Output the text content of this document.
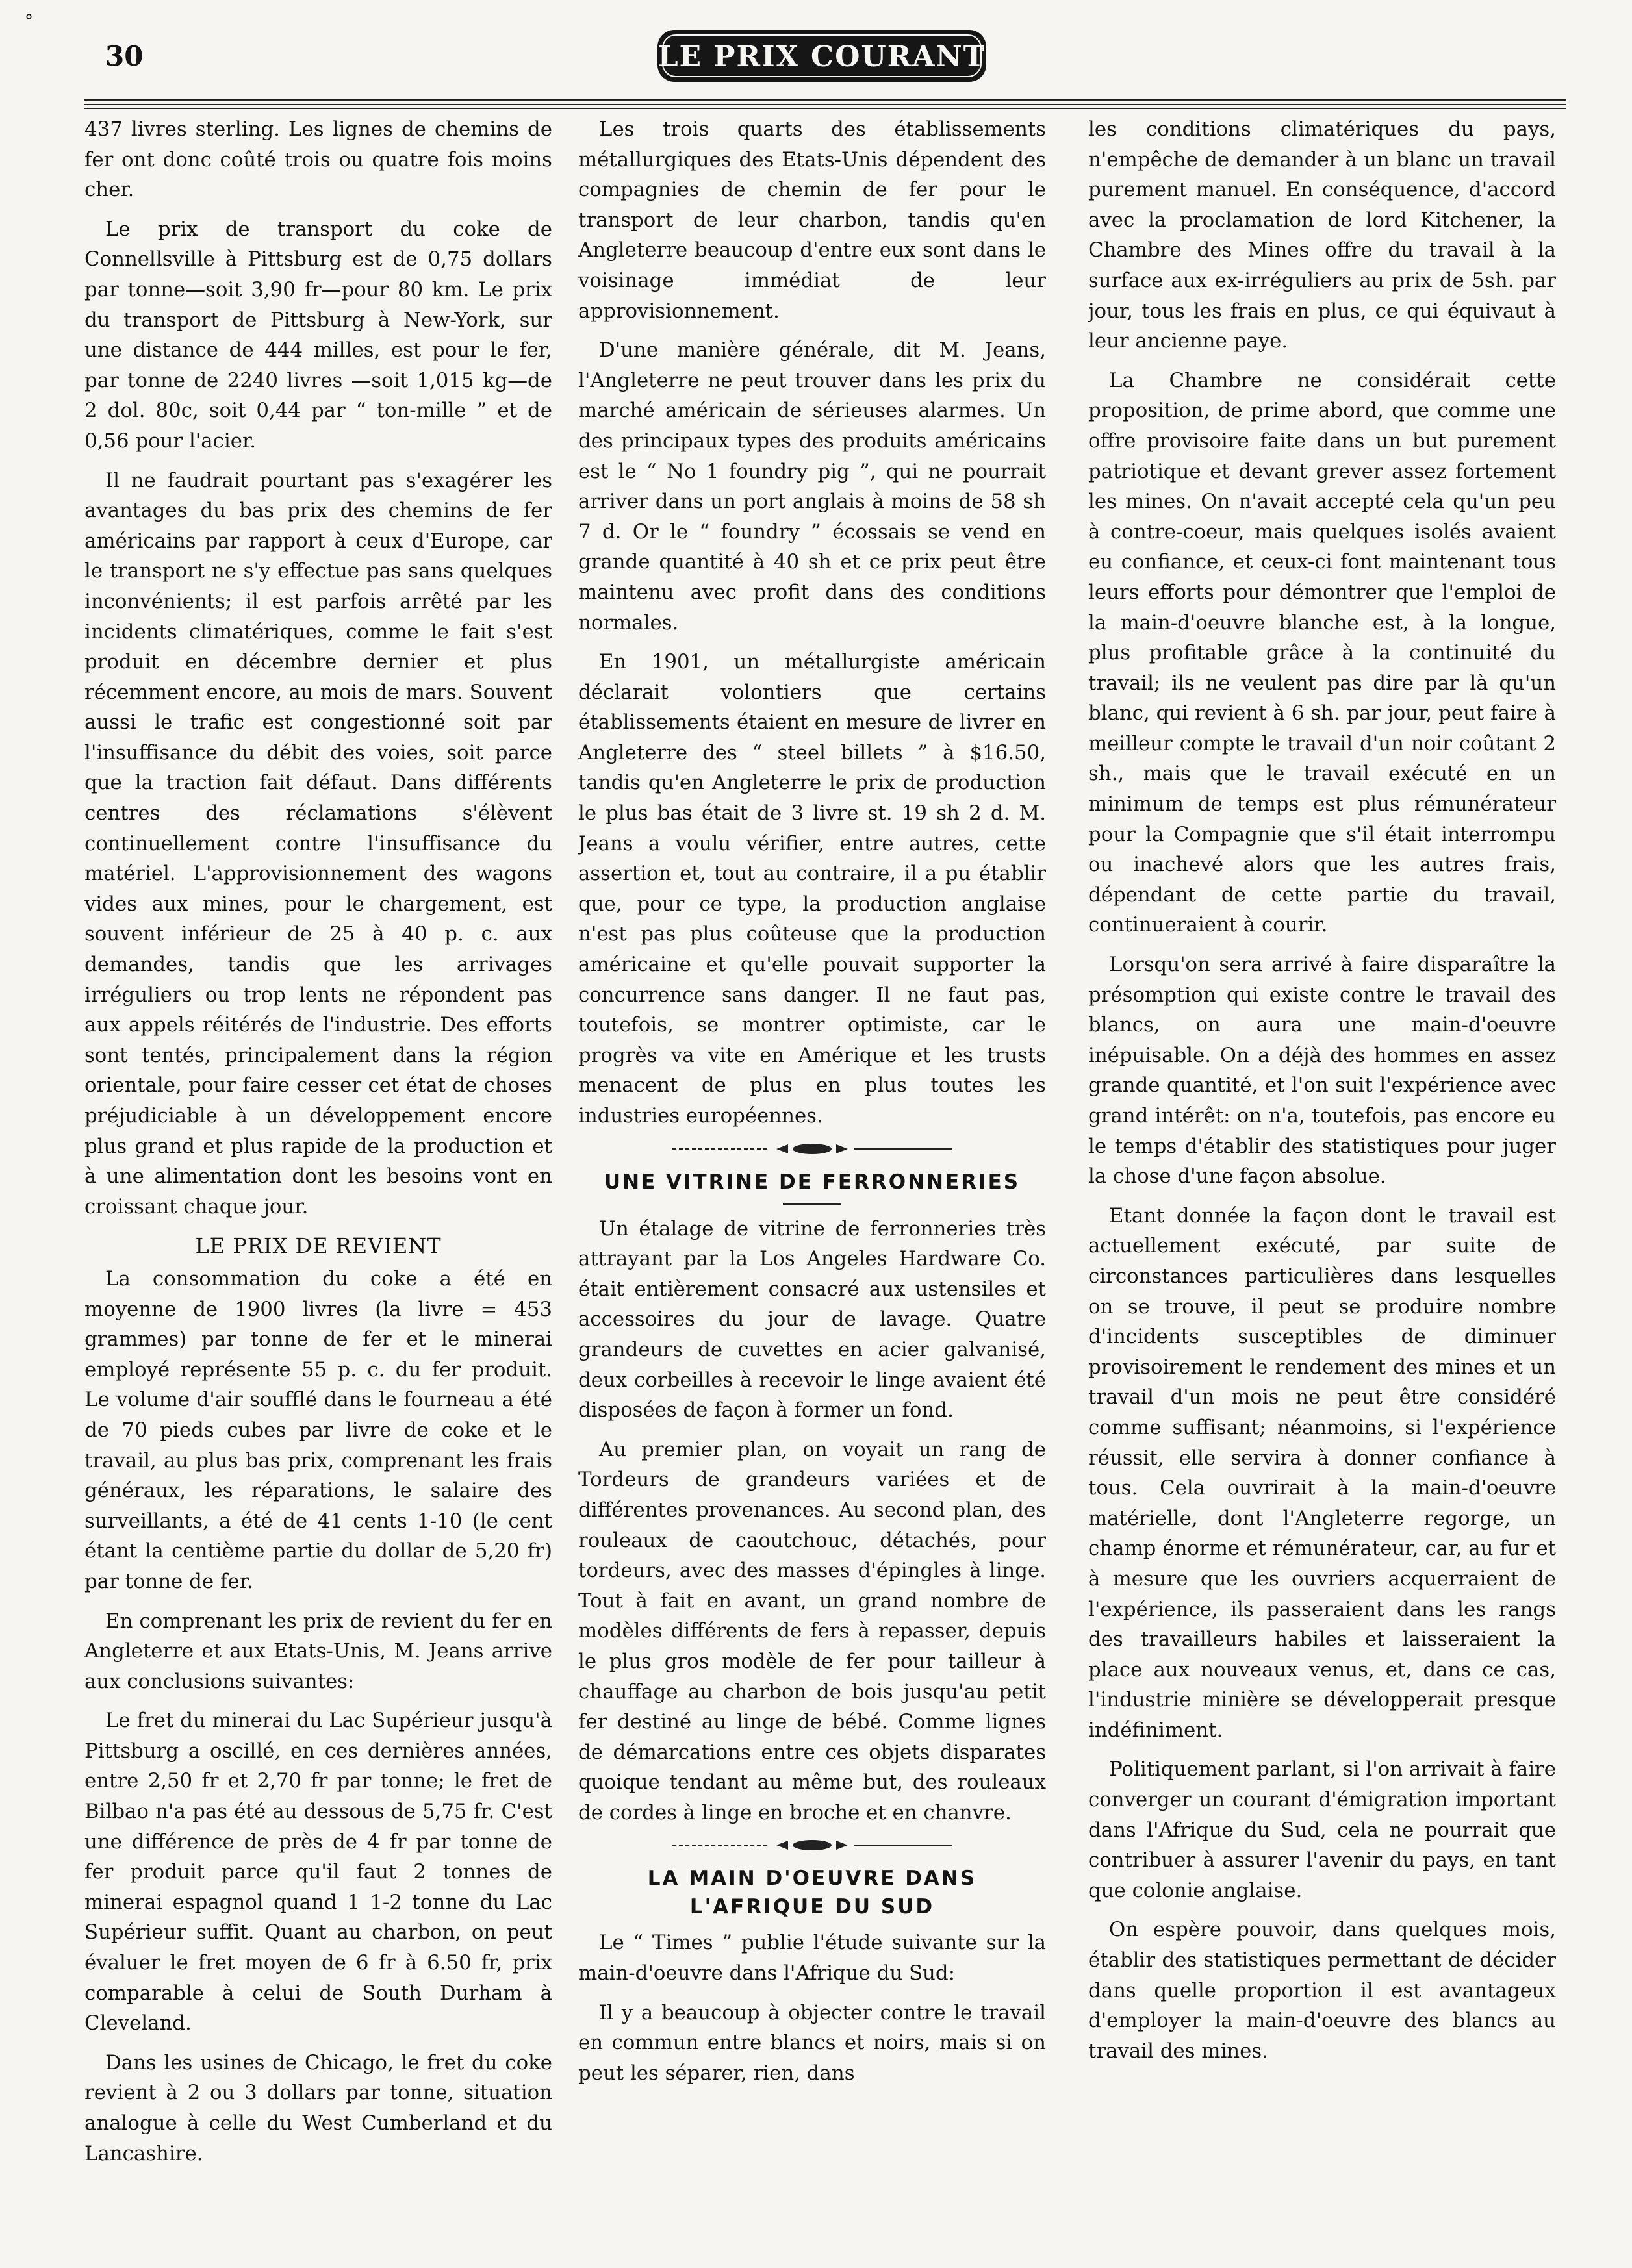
°
30	LE PRIX COURANT

437 livres sterling. Les lignes de chemins de fer ont donc coûté trois ou quatre fois moins cher.

Le prix de transport du coke de Connellsville à Pittsburg est de 0,75 dollars par tonne—soit 3,90 fr—pour 80 km. Le prix du transport de Pittsburg à New-York, sur une distance de 444 milles, est pour le fer, par tonne de 2240 livres —soit 1,015 kg—de 2 dol. 80c, soit 0,44 par “ ton-mille ” et de 0,56 pour l'acier.

Il ne faudrait pourtant pas s'exagérer les avantages du bas prix des chemins de fer américains par rapport à ceux d'Europe, car le transport ne s'y effectue pas sans quelques inconvénients; il est parfois arrêté par les incidents climatériques, comme le fait s'est produit en décembre dernier et plus récemment encore, au mois de mars. Souvent aussi le trafic est congestionné soit par l'insuffisance du débit des voies, soit parce que la traction fait défaut. Dans différents centres des réclamations s'élèvent continuellement contre l'insuffisance du matériel. L'approvisionnement des wagons vides aux mines, pour le chargement, est souvent inférieur de 25 à 40 p. c. aux demandes, tandis que les arrivages irréguliers ou trop lents ne répondent pas aux appels réitérés de l'industrie. Des efforts sont tentés, principalement dans la région orientale, pour faire cesser cet état de choses préjudiciable à un développement encore plus grand et plus rapide de la production et à une alimentation dont les besoins vont en croissant chaque jour.

LE PRIX DE REVIENT

La consommation du coke a été en moyenne de 1900 livres (la livre = 453 grammes) par tonne de fer et le minerai employé représente 55 p. c. du fer produit. Le volume d'air soufflé dans le fourneau a été de 70 pieds cubes par livre de coke et le travail, au plus bas prix, comprenant les frais généraux, les réparations, le salaire des surveillants, a été de 41 cents 1-10 (le cent étant la centième partie du dollar de 5,20 fr) par tonne de fer.

En comprenant les prix de revient du fer en Angleterre et aux Etats-Unis, M. Jeans arrive aux conclusions suivantes:

Le fret du minerai du Lac Supérieur jusqu'à Pittsburg a oscillé, en ces dernières années, entre 2,50 fr et 2,70 fr par tonne; le fret de Bilbao n'a pas été au dessous de 5,75 fr. C'est une différence de près de 4 fr par tonne de fer produit parce qu'il faut 2 tonnes de minerai espagnol quand 1 1-2 tonne du Lac Supérieur suffit. Quant au charbon, on peut évaluer le fret moyen de 6 fr à 6.50 fr, prix comparable à celui de South Durham à Cleveland.

Dans les usines de Chicago, le fret du coke revient à 2 ou 3 dollars par tonne, situation analogue à celle du West Cumberland et du Lancashire.

Les trois quarts des établissements métallurgiques des Etats-Unis dépendent des compagnies de chemin de fer pour le transport de leur charbon, tandis qu'en Angleterre beaucoup d'entre eux sont dans le voisinage immédiat de leur approvisionnement.

D'une manière générale, dit M. Jeans, l'Angleterre ne peut trouver dans les prix du marché américain de sérieuses alarmes. Un des principaux types des produits américains est le “ No 1 foundry pig ”, qui ne pourrait arriver dans un port anglais à moins de 58 sh 7 d. Or le “ foundry ” écossais se vend en grande quantité à 40 sh et ce prix peut être maintenu avec profit dans des conditions normales.

En 1901, un métallurgiste américain déclarait volontiers que certains établissements étaient en mesure de livrer en Angleterre des “ steel billets ” à $16.50, tandis qu'en Angleterre le prix de production le plus bas était de 3 livre st. 19 sh 2 d. M. Jeans a voulu vérifier, entre autres, cette assertion et, tout au contraire, il a pu établir que, pour ce type, la production anglaise n'est pas plus coûteuse que la production américaine et qu'elle pouvait supporter la concurrence sans danger. Il ne faut pas, toutefois, se montrer optimiste, car le progrès va vite en Amérique et les trusts menacent de plus en plus toutes les industries européennes.

UNE VITRINE DE FERRONNERIES

Un étalage de vitrine de ferronneries très attrayant par la Los Angeles Hardware Co. était entièrement consacré aux ustensiles et accessoires du jour de lavage. Quatre grandeurs de cuvettes en acier galvanisé, deux corbeilles à recevoir le linge avaient été disposées de façon à former un fond.

Au premier plan, on voyait un rang de Tordeurs de grandeurs variées et de différentes provenances. Au second plan, des rouleaux de caoutchouc, détachés, pour tordeurs, avec des masses d'épingles à linge. Tout à fait en avant, un grand nombre de modèles différents de fers à repasser, depuis le plus gros modèle de fer pour tailleur à chauffage au charbon de bois jusqu'au petit fer destiné au linge de bébé. Comme lignes de démarcations entre ces objets disparates quoique tendant au même but, des rouleaux de cordes à linge en broche et en chanvre.

LA MAIN D'OEUVRE DANS L'AFRIQUE DU SUD

Le “ Times ” publie l'étude suivante sur la main-d'oeuvre dans l'Afrique du Sud:

Il y a beaucoup à objecter contre le travail en commun entre blancs et noirs, mais si on peut les séparer, rien, dans

les conditions climatériques du pays, n'empêche de demander à un blanc un travail purement manuel. En conséquence, d'accord avec la proclamation de lord Kitchener, la Chambre des Mines offre du travail à la surface aux ex-irréguliers au prix de 5sh. par jour, tous les frais en plus, ce qui équivaut à leur ancienne paye.

La Chambre ne considérait cette proposition, de prime abord, que comme une offre provisoire faite dans un but purement patriotique et devant grever assez fortement les mines. On n'avait accepté cela qu'un peu à contre-coeur, mais quelques isolés avaient eu confiance, et ceux-ci font maintenant tous leurs efforts pour démontrer que l'emploi de la main-d'oeuvre blanche est, à la longue, plus profitable grâce à la continuité du travail; ils ne veulent pas dire par là qu'un blanc, qui revient à 6 sh. par jour, peut faire à meilleur compte le travail d'un noir coûtant 2 sh., mais que le travail exécuté en un minimum de temps est plus rémunérateur pour la Compagnie que s'il était interrompu ou inachevé alors que les autres frais, dépendant de cette partie du travail, continueraient à courir.

Lorsqu'on sera arrivé à faire disparaître la présomption qui existe contre le travail des blancs, on aura une main-d'oeuvre inépuisable. On a déjà des hommes en assez grande quantité, et l'on suit l'expérience avec grand intérêt: on n'a, toutefois, pas encore eu le temps d'établir des statistiques pour juger la chose d'une façon absolue.

Etant donnée la façon dont le travail est actuellement exécuté, par suite de circonstances particulières dans lesquelles on se trouve, il peut se produire nombre d'incidents susceptibles de diminuer provisoirement le rendement des mines et un travail d'un mois ne peut être considéré comme suffisant; néanmoins, si l'expérience réussit, elle servira à donner confiance à tous. Cela ouvrirait à la main-d'oeuvre matérielle, dont l'Angleterre regorge, un champ énorme et rémunérateur, car, au fur et à mesure que les ouvriers acquerraient de l'expérience, ils passeraient dans les rangs des travailleurs habiles et laisseraient la place aux nouveaux venus, et, dans ce cas, l'industrie minière se développerait presque indéfiniment.

Politiquement parlant, si l'on arrivait à faire converger un courant d'émigration important dans l'Afrique du Sud, cela ne pourrait que contribuer à assurer l'avenir du pays, en tant que colonie anglaise.

On espère pouvoir, dans quelques mois, établir des statistiques permettant de décider dans quelle proportion il est avantageux d'employer la main-d'oeuvre des blancs au travail des mines.
